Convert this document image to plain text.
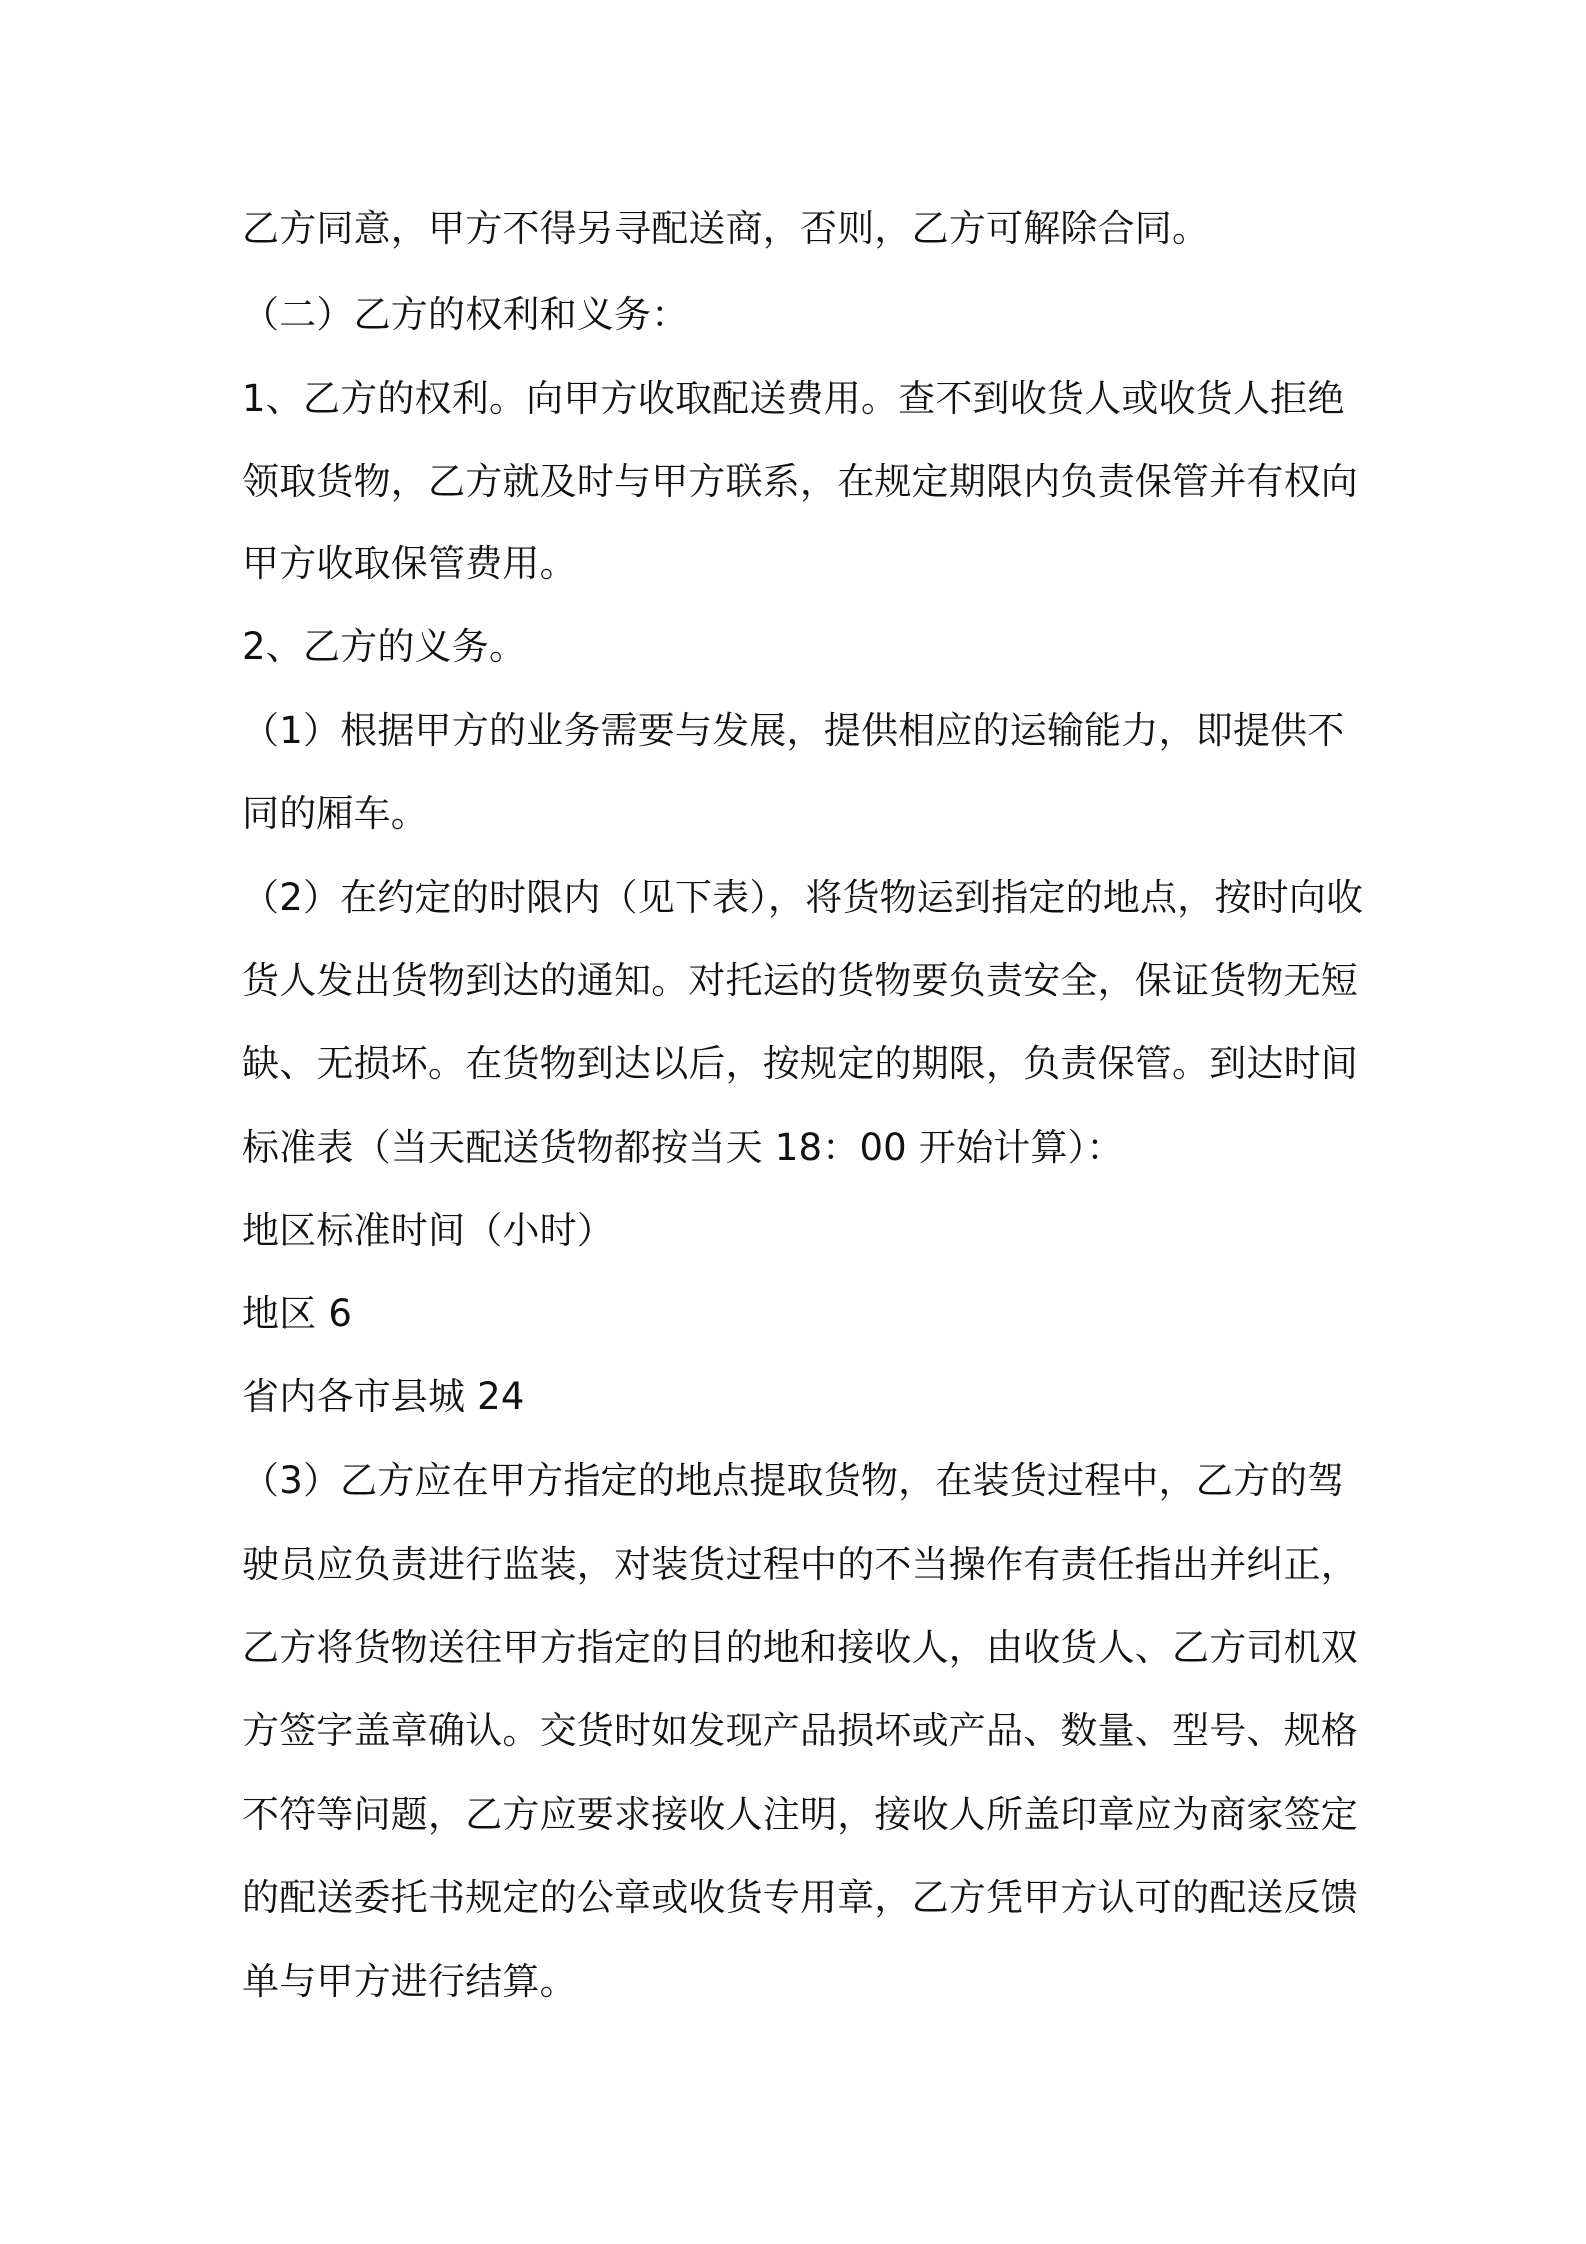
乙方同意，甲方不得另寻配送商，否则，乙方可解除合同。
（二）乙方的权利和义务：
1、乙方的权利。向甲方收取配送费用。查不到收货人或收货人拒绝
领取货物，乙方就及时与甲方联系，在规定期限内负责保管并有权向
甲方收取保管费用。
2、乙方的义务。
（1）根据甲方的业务需要与发展，提供相应的运输能力，即提供不
同的厢车。
（2）在约定的时限内（见下表），将货物运到指定的地点，按时向收
货人发出货物到达的通知。对托运的货物要负责安全，保证货物无短
缺、无损坏。在货物到达以后，按规定的期限，负责保管。到达时间
标准表（当天配送货物都按当天 18：00 开始计算）：
地区标准时间（小时）
地区 6
省内各市县城 24
（3）乙方应在甲方指定的地点提取货物，在装货过程中，乙方的驾
驶员应负责进行监装，对装货过程中的不当操作有责任指出并纠正，
乙方将货物送往甲方指定的目的地和接收人，由收货人、乙方司机双
方签字盖章确认。交货时如发现产品损坏或产品、数量、型号、规格
不符等问题，乙方应要求接收人注明，接收人所盖印章应为商家签定
的配送委托书规定的公章或收货专用章，乙方凭甲方认可的配送反馈
单与甲方进行结算。
